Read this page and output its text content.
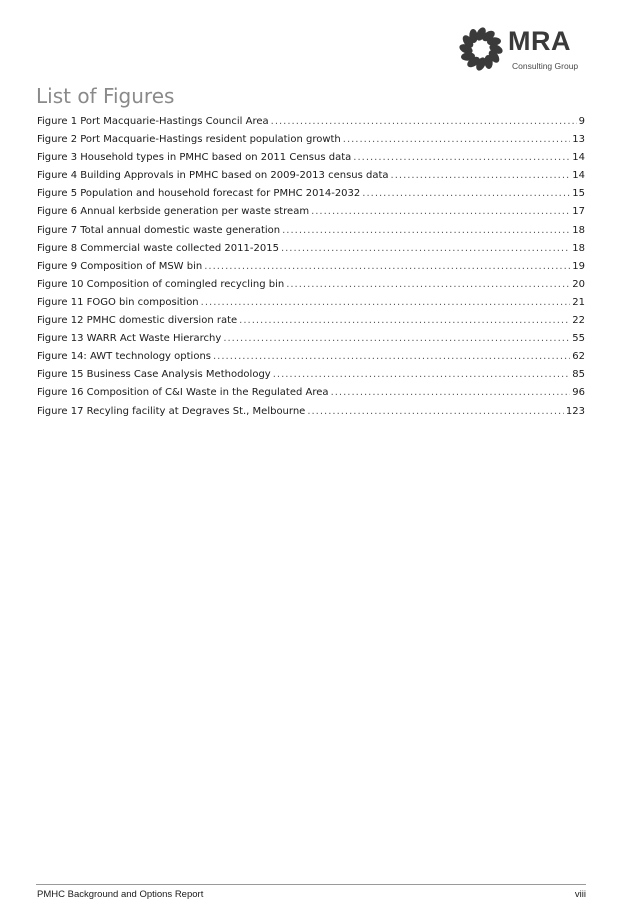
MRA
Consulting Group
List of Figures
Figure 1 Port Macquarie-Hastings Council Area .....	9
Figure 2 Port Macquarie-Hastings resident population growth .....	13
Figure 3 Household types in PMHC based on 2011 Census data .....	14
Figure 4 Building Approvals in PMHC based on 2009-2013 census data .....	14
Figure 5 Population and household forecast for PMHC 2014-2032 .....	15
Figure 6 Annual kerbside generation per waste stream .....	17
Figure 7 Total annual domestic waste generation .....	18
Figure 8 Commercial waste collected 2011-2015 .....	18
Figure 9 Composition of MSW bin .....	19
Figure 10 Composition of comingled recycling bin .....	20
Figure 11 FOGO bin composition .....	21
Figure 12 PMHC domestic diversion rate .....	22
Figure 13 WARR Act Waste Hierarchy .....	55
Figure 14: AWT technology options .....	62
Figure 15 Business Case Analysis Methodology .....	85
Figure 16 Composition of C&I Waste in the Regulated Area .....	96
Figure 17 Recyling facility at Degraves St., Melbourne .....	123
PMHC Background and Options Report	viii
